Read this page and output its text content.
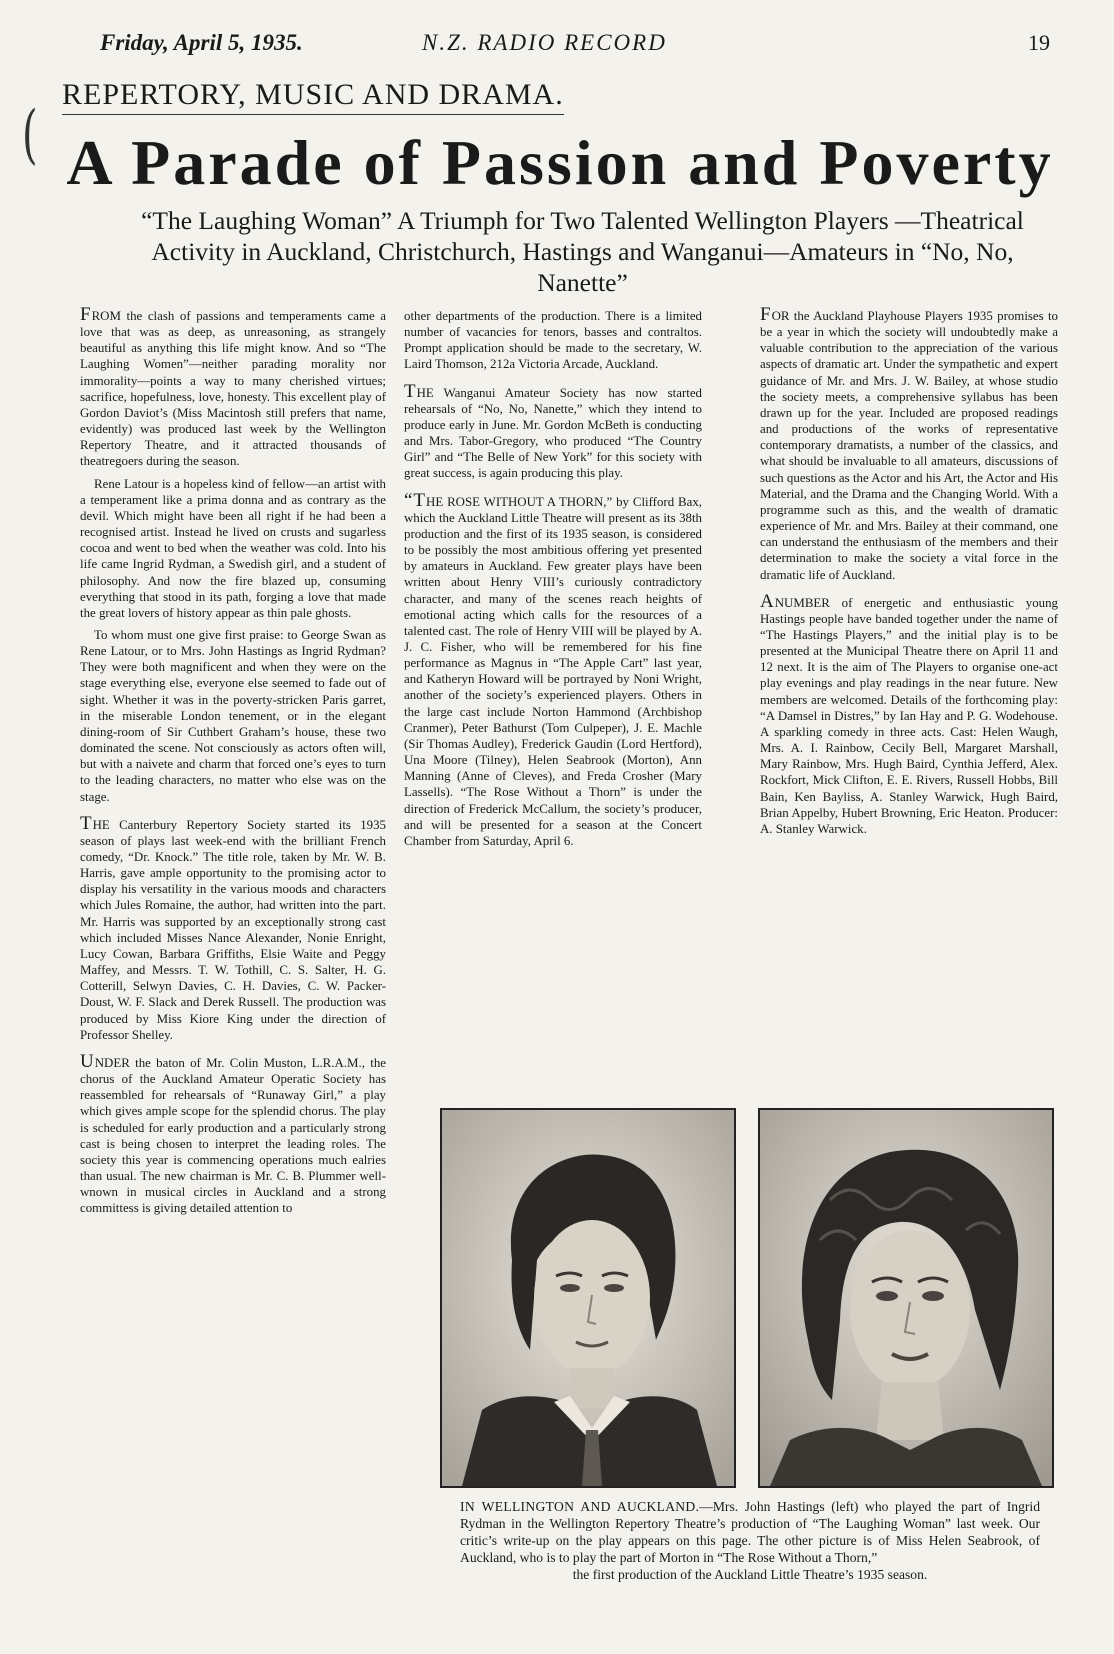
Friday, April 5, 1935.	N.Z. RADIO RECORD	19
REPERTORY, MUSIC AND DRAMA.
( A Parade of Passion and Poverty
“The Laughing Woman” A Triumph for Two Talented Wellington Players —Theatrical Activity in Auckland, Christchurch, Hastings and Wanganui—Amateurs in “No, No, Nanette”

FROM the clash of passions and temperaments came a love that was as deep, as unreasoning, as strangely beautiful as anything this life might know. And so “The Laughing Women”—neither parading morality nor immorality—points a way to many cherished virtues; sacrifice, hopefulness, love, honesty. This excellent play of Gordon Daviot’s (Miss Macintosh still prefers that name, evidently) was produced last week by the Wellington Repertory Theatre, and it attracted thousands of theatregoers during the season.

Rene Latour is a hopeless kind of fellow—an artist with a temperament like a prima donna and as contrary as the devil. Which might have been all right if he had been a recognised artist. Instead he lived on crusts and sugarless cocoa and went to bed when the weather was cold. Into his life came Ingrid Rydman, a Swedish girl, and a student of philosophy. And now the fire blazed up, consuming everything that stood in its path, forging a love that made the great lovers of history appear as thin pale ghosts.

To whom must one give first praise: to George Swan as Rene Latour, or to Mrs. John Hastings as Ingrid Rydman? They were both magnificent and when they were on the stage everything else, everyone else seemed to fade out of sight. Whether it was in the poverty-stricken Paris garret, in the miserable London tenement, or in the elegant dining-room of Sir Cuthbert Graham’s house, these two dominated the scene. Not consciously as actors often will, but with a naivete and charm that forced one’s eyes to turn to the leading characters, no matter who else was on the stage.

THE Canterbury Repertory Society started its 1935 season of plays last week-end with the brilliant French comedy, “Dr. Knock.” The title role, taken by Mr. W. B. Harris, gave ample opportunity to the promising actor to display his versatility in the various moods and characters which Jules Romaine, the author, had written into the part. Mr. Harris was supported by an exceptionally strong cast which included Misses Nance Alexander, Nonie Enright, Lucy Cowan, Barbara Griffiths, Elsie Waite and Peggy Maffey, and Messrs. T. W. Tothill, C. S. Salter, H. G. Cotterill, Selwyn Davies, C. H. Davies, C. W. Packer-Doust, W. F. Slack and Derek Russell. The production was produced by Miss Kiore King under the direction of Professor Shelley.

UNDER the baton of Mr. Colin Muston, L.R.A.M., the chorus of the Auckland Amateur Operatic Society has reassembled for rehearsals of “Runaway Girl,” a play which gives ample scope for the splendid chorus. The play is scheduled for early production and a particularly strong cast is being chosen to interpret the leading roles. The society this year is commencing operations much ealries than usual. The new chairman is Mr. C. B. Plummer well-wnown in musical circles in Auckland and a strong committess is giving detailed attention to

other departments of the production. There is a limited number of vacancies for tenors, basses and contraltos. Prompt application should be made to the secretary, W. Laird Thomson, 212a Victoria Arcade, Auckland.

THE Wanganui Amateur Society has now started rehearsals of “No, No, Nanette,” which they intend to produce early in June. Mr. Gordon McBeth is conducting and Mrs. Tabor-Gregory, who produced “The Country Girl” and “The Belle of New York” for this society with great success, is again producing this play.

“THE ROSE WITHOUT A THORN,” by Clifford Bax, which the Auckland Little Theatre will present as its 38th production and the first of its 1935 season, is considered to be possibly the most ambitious offering yet presented by amateurs in Auckland. Few greater plays have been written about Henry VIII’s curiously contradictory character, and many of the scenes reach heights of emotional acting which calls for the resources of a talented cast. The role of Henry VIII will be played by A. J. C. Fisher, who will be remembered for his fine performance as Magnus in “The Apple Cart” last year, and Katheryn Howard will be portrayed by Noni Wright, another of the society’s experienced players. Others in the large cast include Norton Hammond (Archbishop Cranmer), Peter Bathurst (Tom Culpeper), J. E. Machle (Sir Thomas Audley), Frederick Gaudin (Lord Hertford), Una Moore (Tilney), Helen Seabrook (Morton), Ann Manning (Anne of Cleves), and Freda Crosher (Mary Lassells). “The Rose Without a Thorn” is under the direction of Frederick McCallum, the society’s producer, and will be presented for a season at the Concert Chamber from Saturday, April 6.

FOR the Auckland Playhouse Players 1935 promises to be a year in which the society will undoubtedly make a valuable contribution to the appreciation of the various aspects of dramatic art. Under the sympathetic and expert guidance of Mr. and Mrs. J. W. Bailey, at whose studio the society meets, a comprehensive syllabus has been drawn up for the year. Included are proposed readings and productions of the works of representative contemporary dramatists, a number of the classics, and what should be invaluable to all amateurs, discussions of such questions as the Actor and his Art, the Actor and His Material, and the Drama and the Changing World. With a programme such as this, and the wealth of dramatic experience of Mr. and Mrs. Bailey at their command, one can understand the enthusiasm of the members and their determination to make the society a vital force in the dramatic life of Auckland.

ANUMBER of energetic and enthusiastic young Hastings people have banded together under the name of “The Hastings Players,” and the initial play is to be presented at the Municipal Theatre there on April 11 and 12 next. It is the aim of The Players to organise one-act play evenings and play readings in the near future. New members are welcomed. Details of the forthcoming play: “A Damsel in Distres,” by Ian Hay and P. G. Wodehouse. A sparkling comedy in three acts. Cast: Helen Waugh, Mrs. A. I. Rainbow, Cecily Bell, Margaret Marshall, Mary Rainbow, Mrs. Hugh Baird, Cynthia Jefferd, Alex. Rockfort, Mick Clifton, E. E. Rivers, Russell Hobbs, Bill Bain, Ken Bayliss, A. Stanley Warwick, Hugh Baird, Brian Appelby, Hubert Browning, Eric Heaton. Producer: A. Stanley Warwick.

IN WELLINGTON AND AUCKLAND.—Mrs. John Hastings (left) who played the part of Ingrid Rydman in the Wellington Repertory Theatre’s production of “The Laughing Woman” last week. Our critic’s write-up on the play appears on this page. The other picture is of Miss Helen Seabrook, of Auckland, who is to play the part of Morton in “The Rose Without a Thorn,”
the first production of the Auckland Little Theatre’s 1935 season.
